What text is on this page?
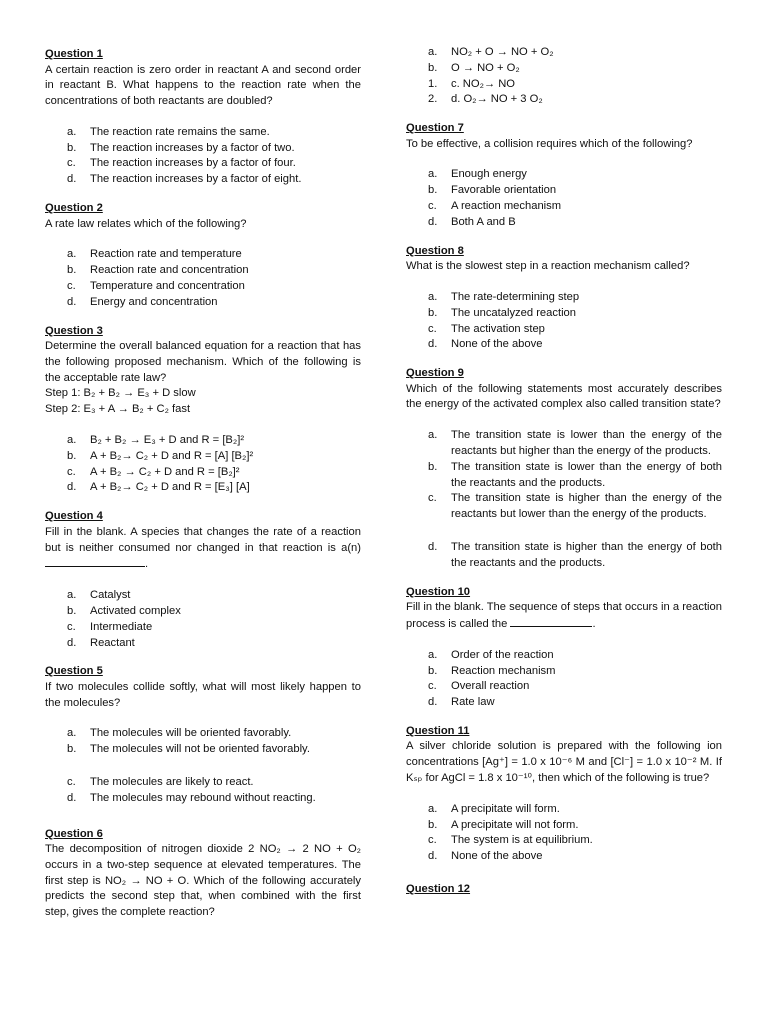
Question 1
A certain reaction is zero order in reactant A and second order in reactant B. What happens to the reaction rate when the concentrations of both reactants are doubled?
a. The reaction rate remains the same.
b. The reaction increases by a factor of two.
c. The reaction increases by a factor of four.
d. The reaction increases by a factor of eight.
Question 2
A rate law relates which of the following?
a. Reaction rate and temperature
b. Reaction rate and concentration
c. Temperature and concentration
d. Energy and concentration
Question 3

Determine the overall balanced equation for a reaction that has the following proposed mechanism. Which of the following is the acceptable rate law?

Step 1: B₂ + B₂ → E₃ + D slow

Step 2: E₃ + A → B₂ + C₂ fast

a. B₂ + B₂ → E₃ + D and R = [B₂]²
b. A + B₂→ C₂ + D and R = [A] [B₂]²
c. A + B₂ → C₂ + D and R = [B₂]²
d. A + B₂→ C₂ + D and R = [E₃] [A]
Question 4
Fill in the blank. A species that changes the rate of a reaction but is neither consumed nor changed in that reaction is a(n) .
a. Catalyst
b. Activated complex
c. Intermediate
d. Reactant
Question 5
If two molecules collide softly, what will most likely happen to the molecules?
a. The molecules will be oriented favorably.
b. The molecules will not be oriented favorably.
c. The molecules are likely to react.
d. The molecules may rebound without reacting.
Question 6
The decomposition of nitrogen dioxide 2 NO₂ → 2 NO + O₂ occurs in a two-step sequence at elevated temperatures. The first step is NO₂ → NO + O. Which of the following accurately predicts the second step that, when combined with the first step, gives the complete reaction?
a. NO₂ + O → NO + O₂
b. O → NO + O₂
1. c. NO₂→ NO
2. d. O₂→ NO + 3 O₂
Question 7
To be effective, a collision requires which of the following?
a. Enough energy
b. Favorable orientation
c. A reaction mechanism
d. Both A and B
Question 8
What is the slowest step in a reaction mechanism called?
a. The rate-determining step
b. The uncatalyzed reaction
c. The activation step
d. None of the above
Question 9
Which of the following statements most accurately describes the energy of the activated complex also called transition state?
a. The transition state is lower than the energy of the reactants but higher than the energy of the products.
b. The transition state is lower than the energy of both the reactants and the products.
c. The transition state is higher than the energy of the reactants but lower than the energy of the products.
d. The transition state is higher than the energy of both the reactants and the products.
Question 10
Fill in the blank. The sequence of steps that occurs in a reaction process is called the	.
a. Order of the reaction
b. Reaction mechanism
c. Overall reaction
d. Rate law
Question 11
A silver chloride solution is prepared with the following ion concentrations [Ag⁺] = 1.0 x 10⁻⁶ M and [Cl⁻] = 1.0 x 10⁻² M. If Kₛₚ for AgCl = 1.8 x 10⁻¹⁰, then which of the following is true?
a. A precipitate will form.
b. A precipitate will not form.
c. The system is at equilibrium.
d. None of the above
Question 12
